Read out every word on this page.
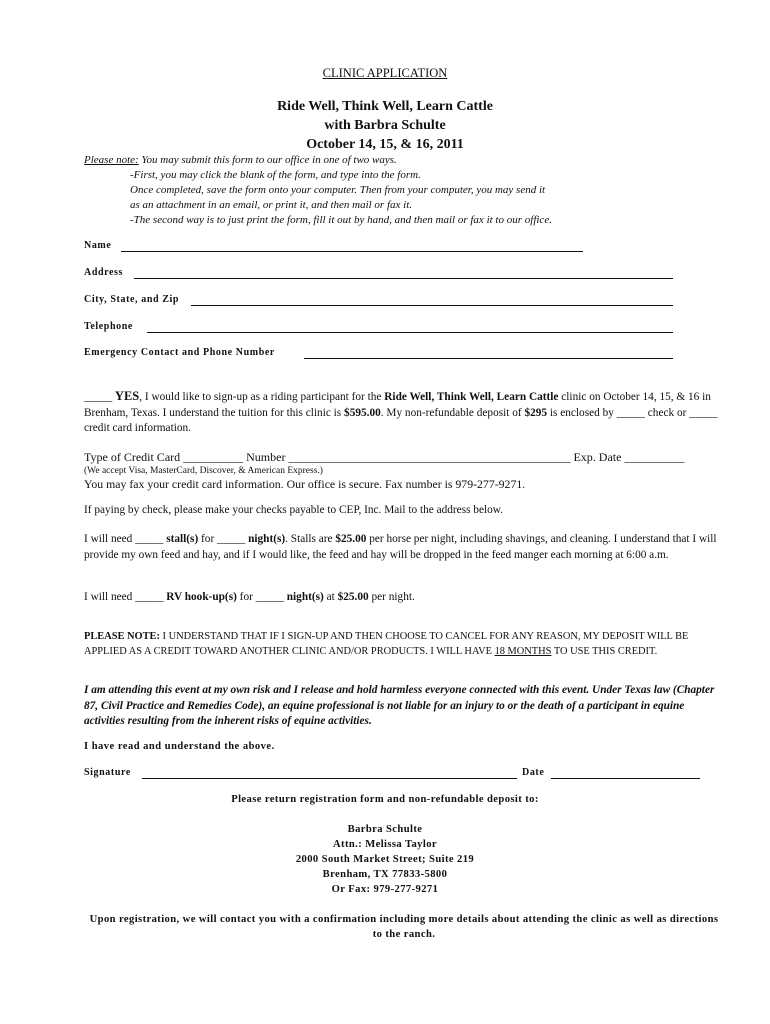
CLINIC APPLICATION
Ride Well, Think Well, Learn Cattle
with Barbra Schulte
October 14, 15, & 16, 2011
Please note: You may submit this form to our office in one of two ways.
-First, you may click the blank of the form, and type into the form.
Once completed, save the form onto your computer. Then from your computer, you may send it
as an attachment in an email, or print it, and then mail or fax it.
-The second way is to just print the form, fill it out by hand, and then mail or fax it to our office.
Name
Address
City, State, and Zip
Telephone
Emergency Contact and Phone Number
_____ YES, I would like to sign-up as a riding participant for the Ride Well, Think Well, Learn Cattle clinic on October 14, 15, & 16 in Brenham, Texas. I understand the tuition for this clinic is $595.00. My non-refundable deposit of $295 is enclosed by _____ check or _____ credit card information.
Type of Credit Card __________ Number _______________________________________________ Exp. Date __________
(We accept Visa, MasterCard, Discover, & American Express.)
You may fax your credit card information. Our office is secure. Fax number is 979-277-9271.
If paying by check, please make your checks payable to CEP, Inc. Mail to the address below.
I will need _____ stall(s) for _____ night(s). Stalls are $25.00 per horse per night, including shavings, and cleaning. I understand that I will provide my own feed and hay, and if I would like, the feed and hay will be dropped in the feed manger each morning at 6:00 a.m.
I will need _____ RV hook-up(s) for _____ night(s) at $25.00 per night.
PLEASE NOTE: I UNDERSTAND THAT IF I SIGN-UP AND THEN CHOOSE TO CANCEL FOR ANY REASON, MY DEPOSIT WILL BE APPLIED AS A CREDIT TOWARD ANOTHER CLINIC AND/OR PRODUCTS. I WILL HAVE 18 MONTHS TO USE THIS CREDIT.
I am attending this event at my own risk and I release and hold harmless everyone connected with this event. Under Texas law (Chapter 87, Civil Practice and Remedies Code), an equine professional is not liable for an injury to or the death of a participant in equine activities resulting from the inherent risks of equine activities.
I have read and understand the above.
Signature	Date
Please return registration form and non-refundable deposit to:
Barbra Schulte
Attn.: Melissa Taylor
2000 South Market Street; Suite 219
Brenham, TX 77833-5800
Or Fax: 979-277-9271
Upon registration, we will contact you with a confirmation including more details about attending the clinic as well as directions to the ranch.
